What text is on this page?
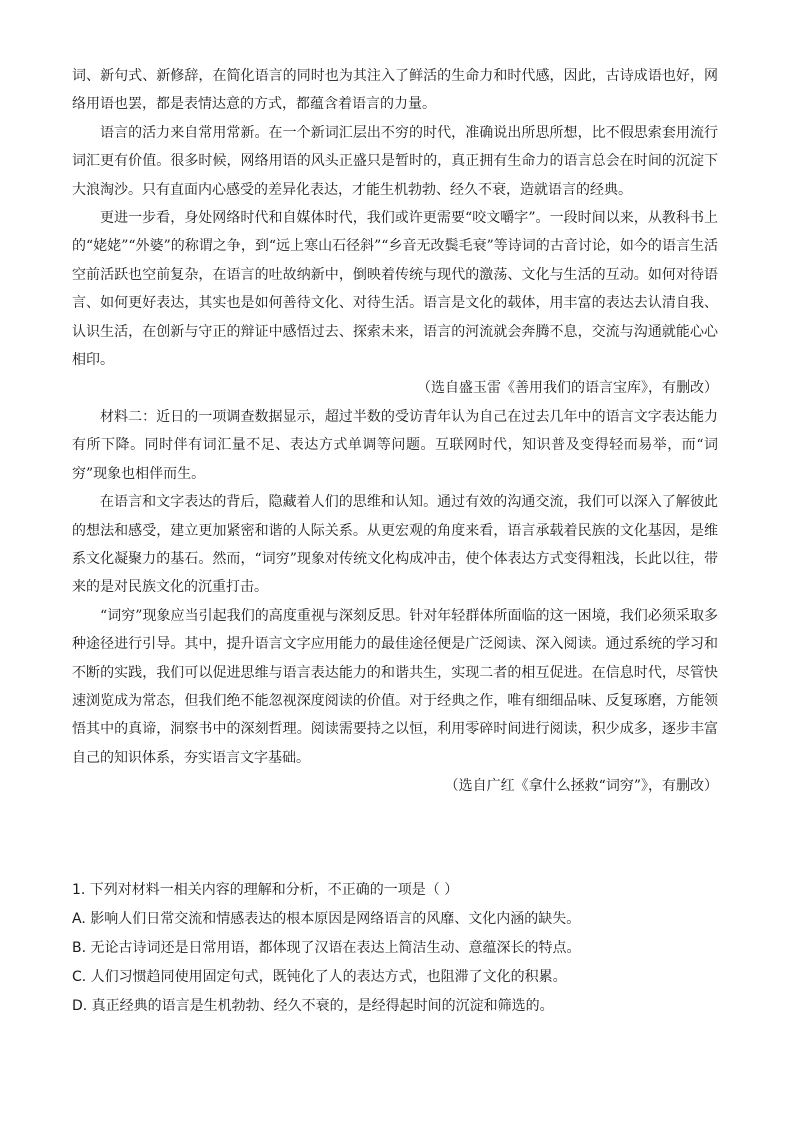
词、新句式、新修辞，在简化语言的同时也为其注入了鲜活的生命力和时代感，因此，古诗成语也好，网络用语也罢，都是表情达意的方式，都蕴含着语言的力量。

语言的活力来自常用常新。在一个新词汇层出不穷的时代，准确说出所思所想，比不假思索套用流行词汇更有价值。很多时候，网络用语的风头正盛只是暂时的，真正拥有生命力的语言总会在时间的沉淀下大浪淘沙。只有直面内心感受的差异化表达，才能生机勃勃、经久不衰，造就语言的经典。

更进一步看，身处网络时代和自媒体时代，我们或许更需要“咬文嚼字”。一段时间以来，从教科书上的“姥姥”“外婆”的称谓之争，到“远上寒山石径斜”“乡音无改鬓毛衰”等诗词的古音讨论，如今的语言生活空前活跃也空前复杂，在语言的吐故纳新中，倒映着传统与现代的激荡、文化与生活的互动。如何对待语言、如何更好表达，其实也是如何善待文化、对待生活。语言是文化的载体，用丰富的表达去认清自我、认识生活，在创新与守正的辩证中感悟过去、探索未来，语言的河流就会奔腾不息，交流与沟通就能心心相印。

（选自盛玉雷《善用我们的语言宝库》，有删改）

材料二：近日的一项调查数据显示，超过半数的受访青年认为自己在过去几年中的语言文字表达能力有所下降。同时伴有词汇量不足、表达方式单调等问题。互联网时代，知识普及变得轻而易举，而“词穷”现象也相伴而生。

在语言和文字表达的背后，隐藏着人们的思维和认知。通过有效的沟通交流，我们可以深入了解彼此的想法和感受，建立更加紧密和谐的人际关系。从更宏观的角度来看，语言承载着民族的文化基因，是维系文化凝聚力的基石。然而，“词穷”现象对传统文化构成冲击，使个体表达方式变得粗浅，长此以往，带来的是对民族文化的沉重打击。

“词穷”现象应当引起我们的高度重视与深刻反思。针对年轻群体所面临的这一困境，我们必须采取多种途径进行引导。其中，提升语言文字应用能力的最佳途径便是广泛阅读、深入阅读。通过系统的学习和不断的实践，我们可以促进思维与语言表达能力的和谐共生，实现二者的相互促进。在信息时代，尽管快速浏览成为常态，但我们绝不能忽视深度阅读的价值。对于经典之作，唯有细细品味、反复琢磨，方能领悟其中的真谛，洞察书中的深刻哲理。阅读需要持之以恒，利用零碎时间进行阅读，积少成多，逐步丰富自己的知识体系，夯实语言文字基础。

（选自广红《拿什么拯救“词穷”》，有删改）

1. 下列对材料一相关内容的理解和分析，不正确的一项是（ ）
A. 影响人们日常交流和情感表达的根本原因是网络语言的风靡、文化内涵的缺失。
B. 无论古诗词还是日常用语，都体现了汉语在表达上简洁生动、意蕴深长的特点。
C. 人们习惯趋同使用固定句式，既钝化了人的表达方式，也阻滞了文化的积累。
D. 真正经典的语言是生机勃勃、经久不衰的，是经得起时间的沉淀和筛选的。
